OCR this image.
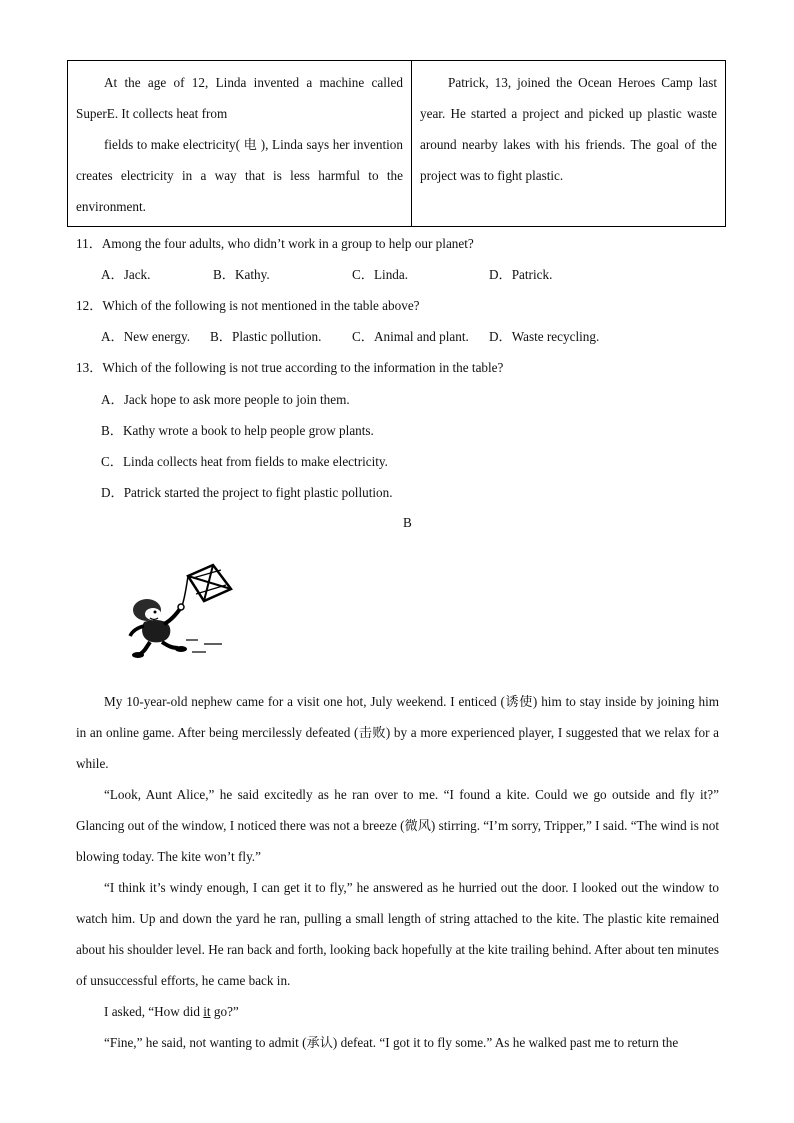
At the age of 12, Linda invented a machine called SuperE. It collects heat from

fields to make electricity( 电 ), Linda says her invention creates electricity in a way that is less harmful to the environment.

Patrick, 13, joined the Ocean Heroes Camp last year. He started a project and picked up plastic waste around nearby lakes with his friends. The goal of the project was to fight plastic.

11．Among the four adults, who didn’t work in a group to help our planet?
A．Jack.	B．Kathy.	C．Linda.	D．Patrick.
12．Which of the following is not mentioned in the table above?
A．New energy. B．Plastic pollution. C．Animal and plant. D．Waste recycling.
13．Which of the following is not true according to the information in the table?
A．Jack hope to ask more people to join them.
B．Kathy wrote a book to help people grow plants.
C．Linda collects heat from fields to make electricity.
D．Patrick started the project to fight plastic pollution.
B

My 10-year-old nephew came for a visit one hot, July weekend. I enticed (诱使) him to stay inside by joining him in an online game. After being mercilessly defeated (击败) by a more experienced player, I suggested that we relax for a while.

“Look, Aunt Alice,” he said excitedly as he ran over to me. “I found a kite. Could we go outside and fly it?” Glancing out of the window, I noticed there was not a breeze (微风) stirring. “I’m sorry, Tripper,” I said. “The wind is not blowing today. The kite won’t fly.”

“I think it’s windy enough, I can get it to fly,” he answered as he hurried out the door. I looked out the window to watch him. Up and down the yard he ran, pulling a small length of string attached to the kite. The plastic kite remained about his shoulder level. He ran back and forth, looking back hopefully at the kite trailing behind. After about ten minutes of unsuccessful efforts, he came back in.

I asked, “How did it go?”

“Fine,” he said, not wanting to admit (承认) defeat. “I got it to fly some.” As he walked past me to return the
